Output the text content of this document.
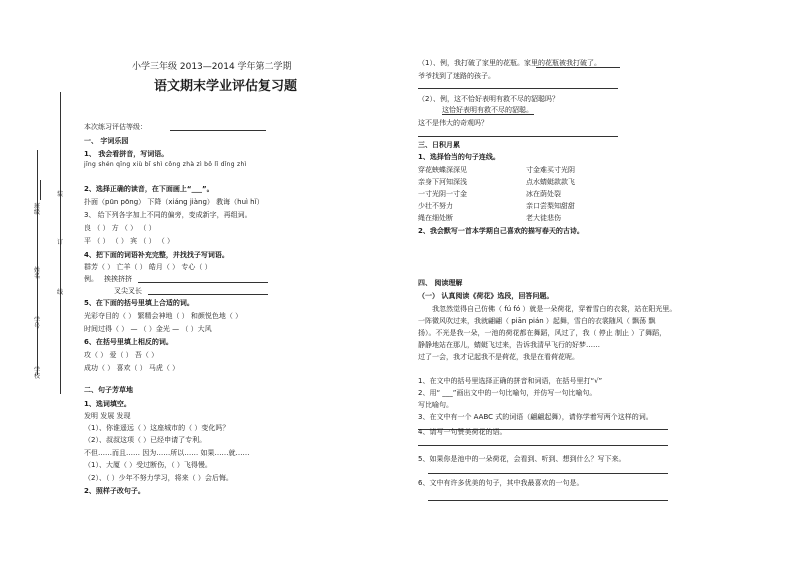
班级
姓名
学号
学校
装
订
线
小学三年级 2013—2014 学年第二学期
语文期末学业评估复习题
本次练习评估等级：
一、 字词乐园
1、 我会看拼音，写词语。
jīng shén qīng xiù bǐ shì cōng zhà zì bō lǐ dǐng zhì
2、选择正确的读音，在下面画上“___”。
扑面（pūn pōng） 下降（xiáng jiàng） 教诲（huì hǐ）
3、 给下列各字加上不同的偏旁，变成新字，再组词。
良 （ ） 方 （ ） （ ）
平 （ ） （ ） 宾 （ ） （ ）
4、把下面的词语补充完整，并找找子写词语。
群芳（ ） 亡羊（ ） 皓月（ ） 专心（ ）
例。 挨挨挤挤
叉尖叉长
5、在下面的括号里填上合适的词。
光彩夺目的（ ） 繁精会神地（ ） 和颜悦色地（ ）
时间过得（ ） — （ ）金光 — （ ）大风
6、在括号里填上相反的词。
攻（ ） 爱（ ） 吾（ ）
成功（ ） 喜欢（ ） 马虎（ ）
二、句子芳草地
1、选词填空。
发明 发展 发现
（1）、你谁遥远（ ）这座城市的（ ）变化吗？
（2）、叔叔这项（ ）已经申请了专利。
不但……而且…… 因为……所以…… 如果……就……
（1）、大厦（ ）受过断伤，（ ）飞得慢。
（2）、（ ）少年不努力学习，将来（ ）会后悔。
2、照样子改句子。
（1）、例，我打破了家里的花瓶。家里的花瓶被我打破了。
爷爷找到了迷路的孩子。
（2）、例，这不恰好表明有救不尽的貂聪吗？
这恰好表明有救不尽的貂聪。
这不是伟大的奇观吗？
三、日积月累
1、选择恰当的句子连线。
穿花蛱蝶深深见	寸金难买寸光阴
亲身下河知深浅	点水蜻蜓款款飞
一寸光阴一寸金	冰在荫处裂
少壮不努力	亲口尝梨知甜甜
绳在细处断	老大徒悲伤
2、我会默写一首本学期自己喜欢的描写春天的古诗。
四、 阅读理解
（一） 认真阅读《荷花》选段，回答问题。
我忽然觉得自己仿佛（ fú fó ）就是一朵荷花，穿着雪白的衣裳，站在阳光里。
一阵微风吹过来，我就翩翩（ piān pián ）起舞，雪白的衣裳随风（ 飘荡 飘
扬）。不光是我一朵，一池的荷花都在舞蹈，风过了，我（ 停止 制止 ）了舞蹈，
静静地站在那儿，蜻蜓飞过来，告诉我清早飞行的好梦……
过了一会，我才记起我不是荷花，我是在看荷花呢。
1、在文中的括号里选择正确的拼音和词语，在括号里打“√”
2、用“ ___”画出文中的一句比喻句，并仿写一句比喻句。
写比喻句。
3、在文中有一个 AABC 式的词语（翩翩起舞），请你学着写两个这样的词。
4、请写一句赞美荷花的语。
5、如果你是池中的一朵荷花，会看到、听到、想到什么？写下来。
6、文中有许多优美的句子，其中我最喜欢的一句是。
